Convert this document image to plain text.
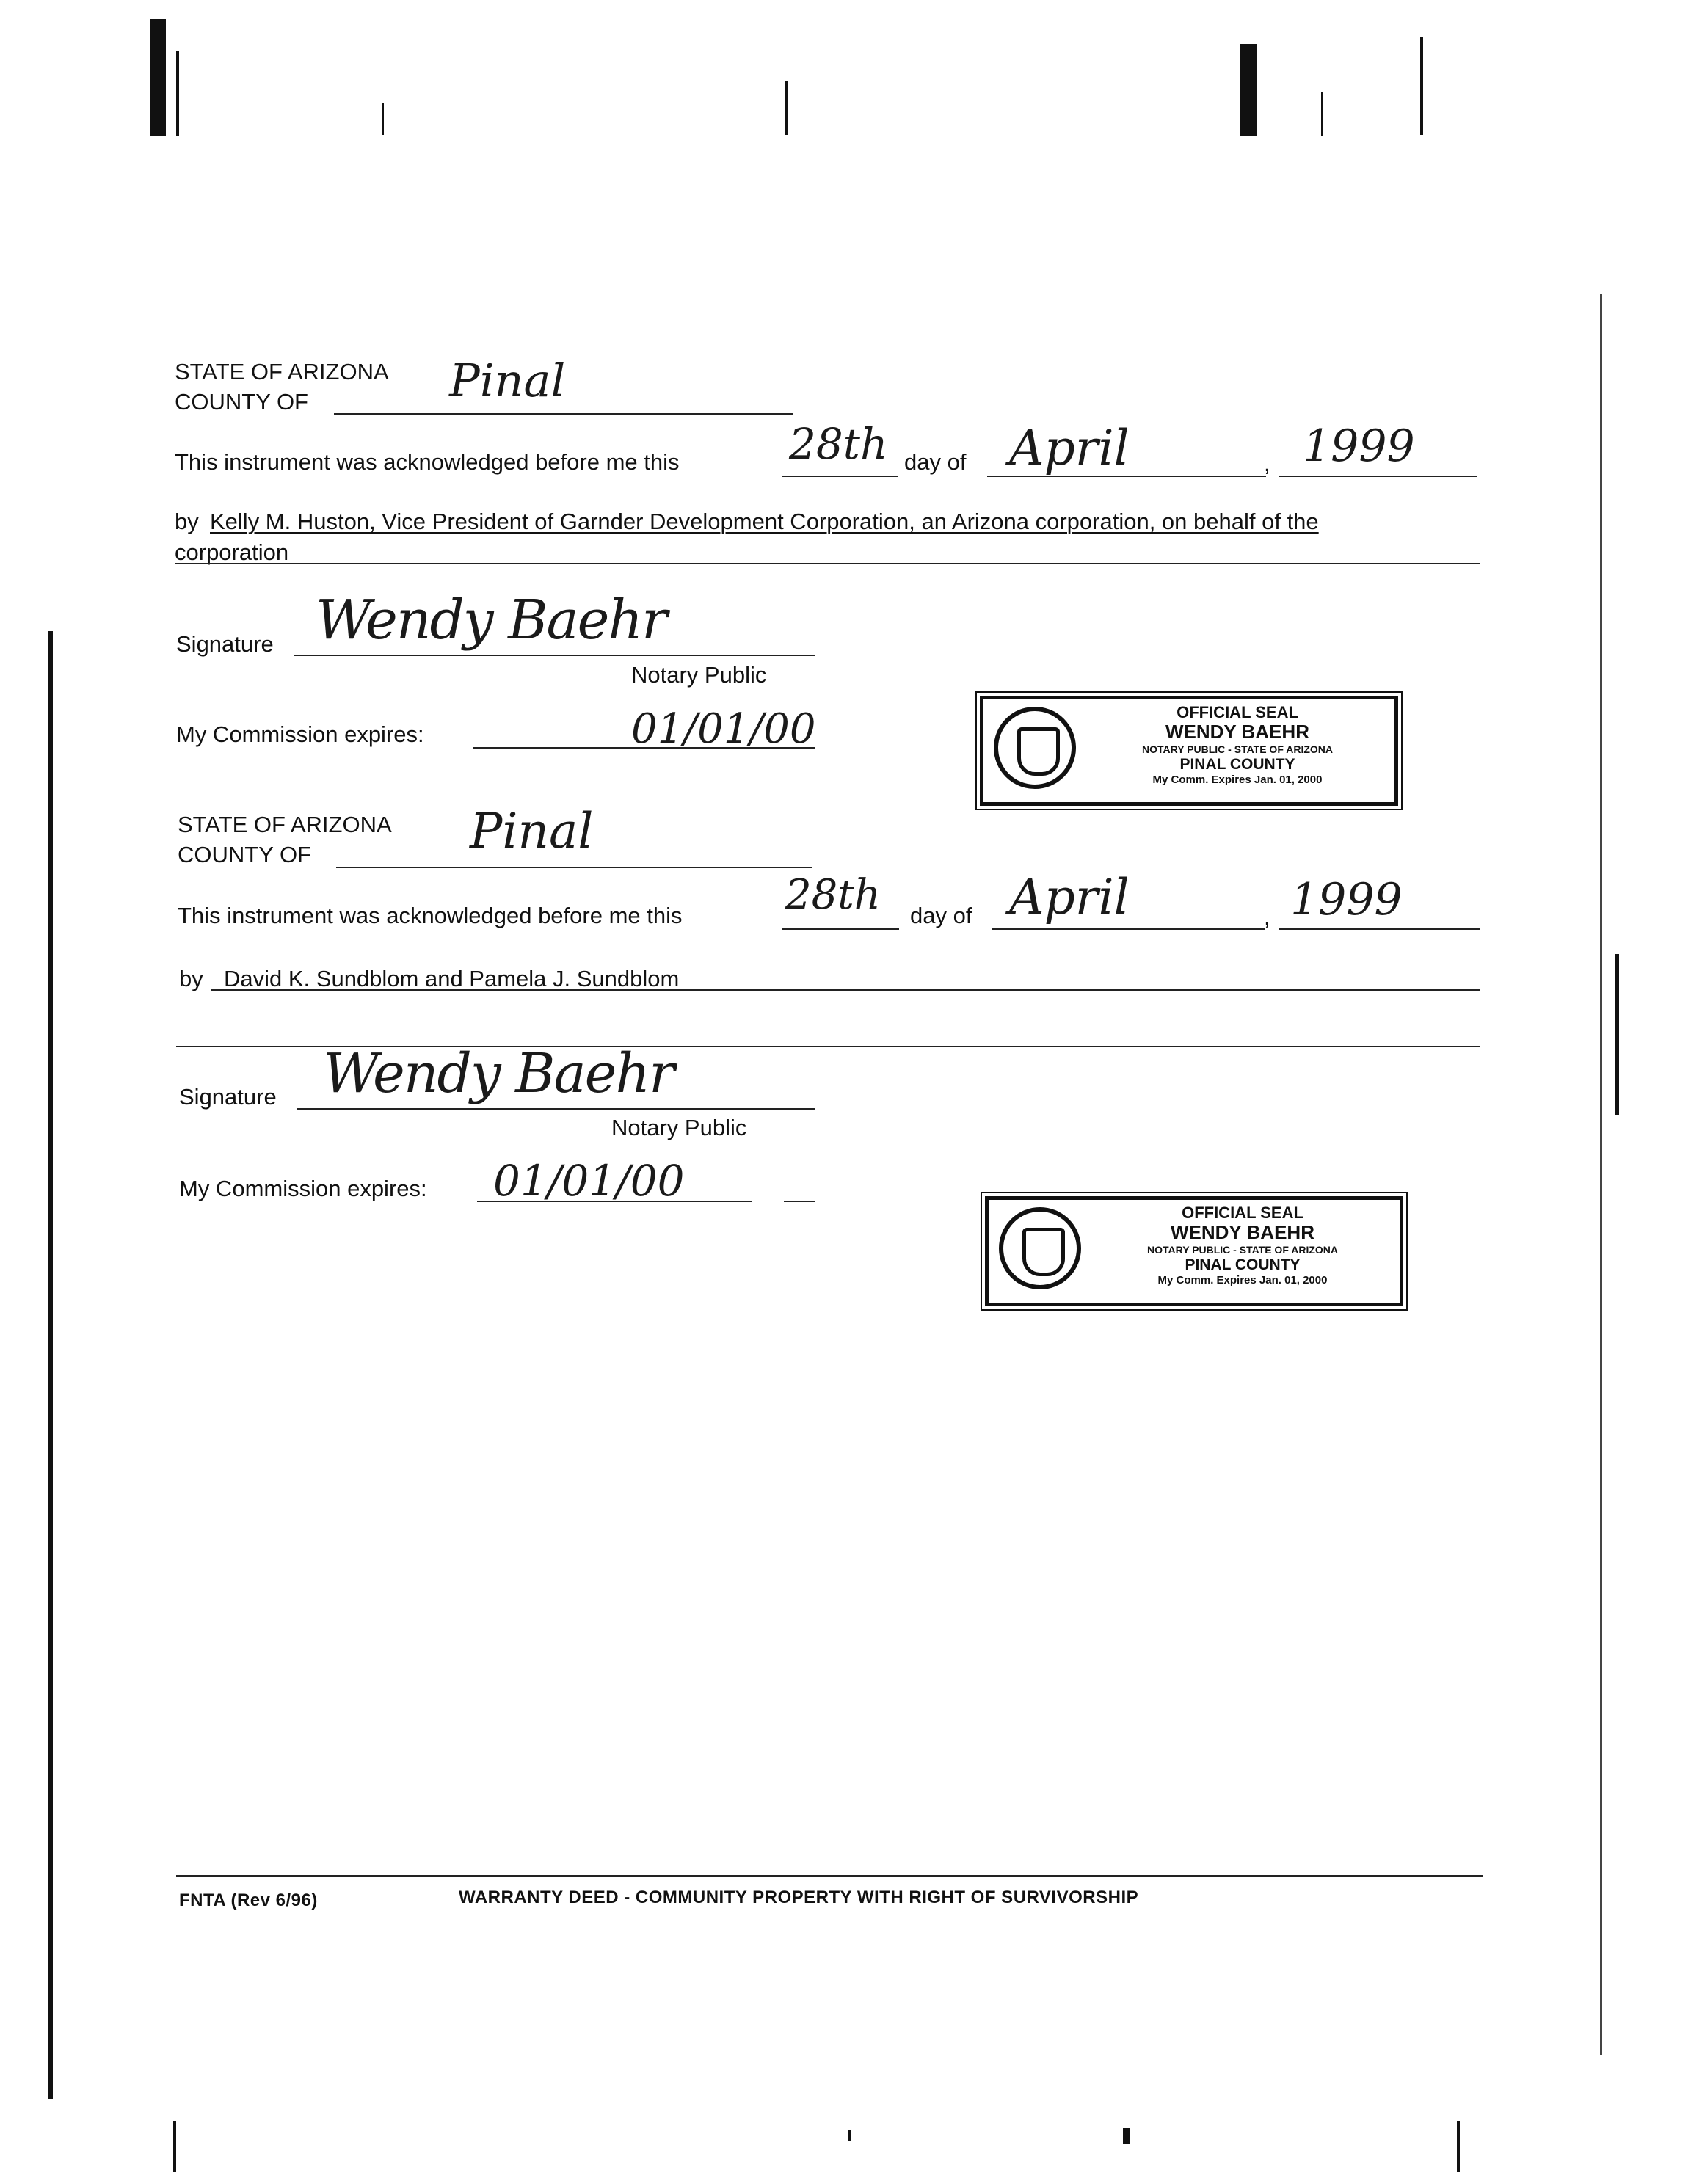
STATE OF ARIZONA
COUNTY OF	Pinal
This instrument was acknowledged before me this	28th day of April	, 1999
by Kelly M. Huston, Vice President of Garnder Development Corporation, an Arizona corporation, on behalf of the
corporation
Signature Wendy Baehr
Notary Public
My Commission expires:	01/01/00	OFFICIAL SEAL
WENDY BAEHR
NOTARY PUBLIC - STATE OF ARIZONA
PINAL COUNTY
My Comm. Expires Jan. 01, 2000
STATE OF ARIZONA
COUNTY OF	Pinal
This instrument was acknowledged before me this	28th day of April	, 1999
by David K. Sundblom and Pamela J. Sundblom
Signature Wendy Baehr
Notary Public
My Commission expires: 01/01/00
OFFICIAL SEAL
WENDY BAEHR
NOTARY PUBLIC - STATE OF ARIZONA
PINAL COUNTY
My Comm. Expires Jan. 01, 2000
FNTA (Rev 6/96)	WARRANTY DEED - COMMUNITY PROPERTY WITH RIGHT OF SURVIVORSHIP
